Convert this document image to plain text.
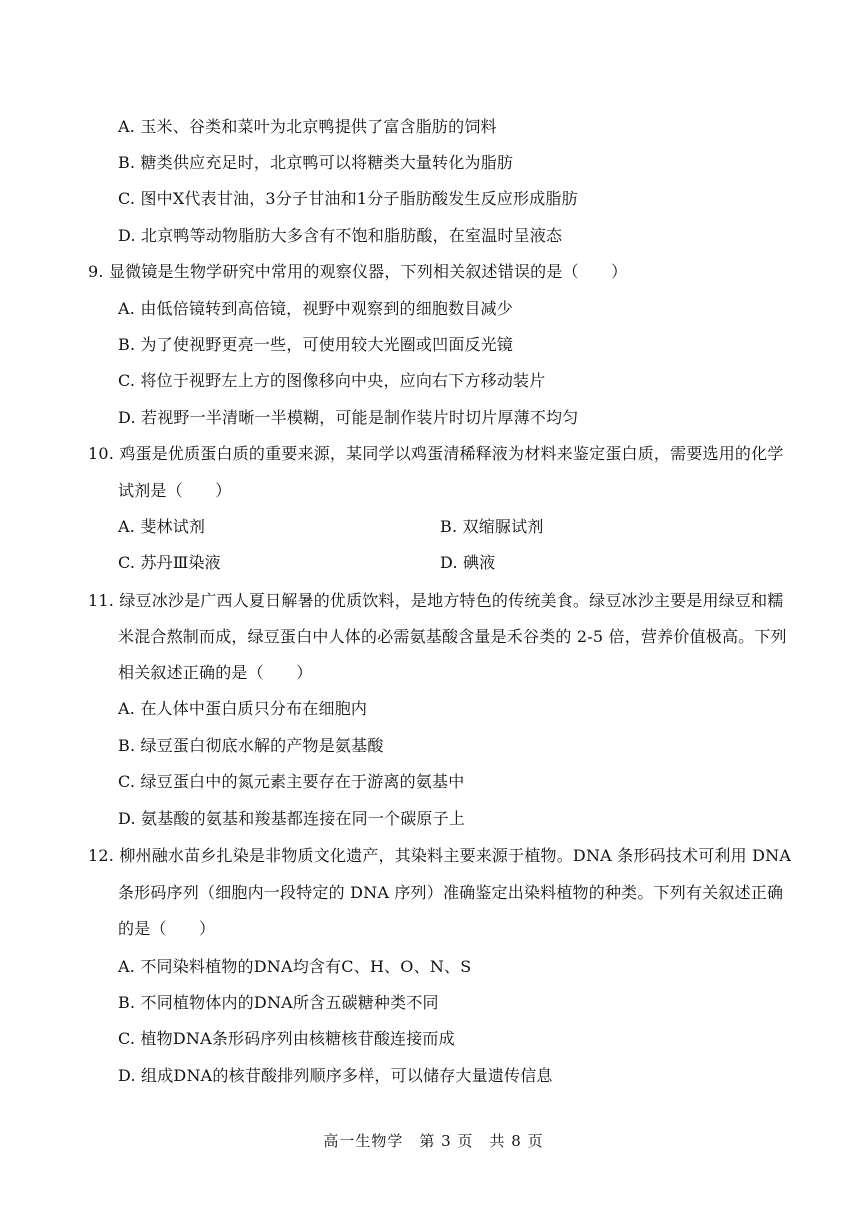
A. 玉米、谷类和菜叶为北京鸭提供了富含脂肪的饲料
B. 糖类供应充足时，北京鸭可以将糖类大量转化为脂肪
C. 图中X代表甘油，3分子甘油和1分子脂肪酸发生反应形成脂肪
D. 北京鸭等动物脂肪大多含有不饱和脂肪酸，在室温时呈液态
9. 显微镜是生物学研究中常用的观察仪器，下列相关叙述错误的是（　　）
A. 由低倍镜转到高倍镜，视野中观察到的细胞数目减少
B. 为了使视野更亮一些，可使用较大光圈或凹面反光镜
C. 将位于视野左上方的图像移向中央，应向右下方移动装片
D. 若视野一半清晰一半模糊，可能是制作装片时切片厚薄不均匀
10. 鸡蛋是优质蛋白质的重要来源，某同学以鸡蛋清稀释液为材料来鉴定蛋白质，需要选用的化学
试剂是（　　）
A. 斐林试剂	B. 双缩脲试剂
C. 苏丹Ⅲ染液	D. 碘液
11. 绿豆冰沙是广西人夏日解暑的优质饮料，是地方特色的传统美食。绿豆冰沙主要是用绿豆和糯
米混合熬制而成，绿豆蛋白中人体的必需氨基酸含量是禾谷类的 2-5 倍，营养价值极高。下列
相关叙述正确的是（　　）
A. 在人体中蛋白质只分布在细胞内
B. 绿豆蛋白彻底水解的产物是氨基酸
C. 绿豆蛋白中的氮元素主要存在于游离的氨基中
D. 氨基酸的氨基和羧基都连接在同一个碳原子上
12. 柳州融水苗乡扎染是非物质文化遗产，其染料主要来源于植物。DNA 条形码技术可利用 DNA
条形码序列（细胞内一段特定的 DNA 序列）准确鉴定出染料植物的种类。下列有关叙述正确
的是（　　）
A. 不同染料植物的DNA均含有C、H、O、N、S
B. 不同植物体内的DNA所含五碳糖种类不同
C. 植物DNA条形码序列由核糖核苷酸连接而成
D. 组成DNA的核苷酸排列顺序多样，可以储存大量遗传信息
高一生物学　第 3 页　共 8 页
